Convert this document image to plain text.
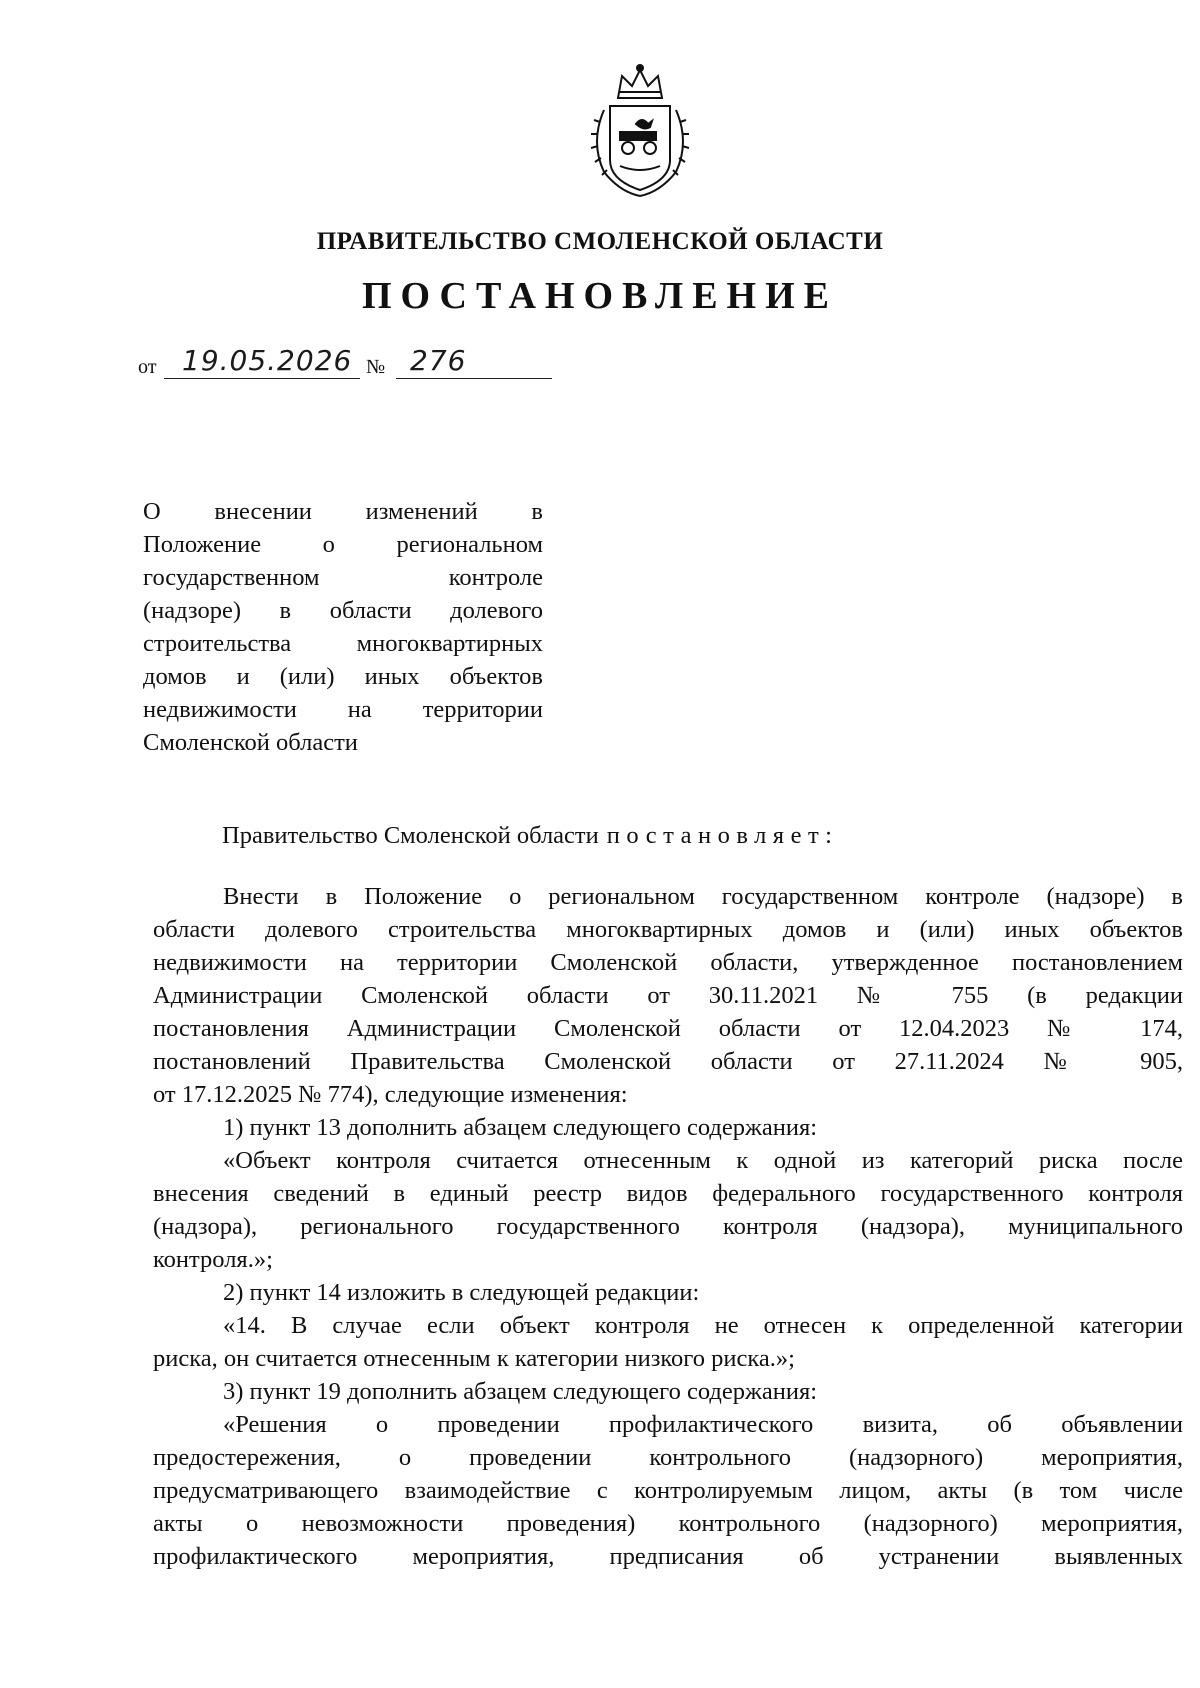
ПРАВИТЕЛЬСТВО СМОЛЕНСКОЙ ОБЛАСТИ
ПОСТАНОВЛЕНИЕ
от 19.05.2026 № 276
О внесении изменений в
Положение о региональном
государственном контроле
(надзоре) в области долевого
строительства многоквартирных
домов и (или) иных объектов
недвижимости на территории
Смоленской области
Правительство Смоленской области постановляет:
Внести в Положение о региональном государственном контроле (надзоре) в
области долевого строительства многоквартирных домов и (или) иных объектов
недвижимости на территории Смоленской области, утвержденное постановлением
Администрации Смоленской области от 30.11.2021 № 755 (в редакции
постановления Администрации Смоленской области от 12.04.2023 № 174,
постановлений Правительства Смоленской области от 27.11.2024 № 905,
от 17.12.2025 № 774), следующие изменения:
1) пункт 13 дополнить абзацем следующего содержания:
«Объект контроля считается отнесенным к одной из категорий риска после
внесения сведений в единый реестр видов федерального государственного контроля
(надзора), регионального государственного контроля (надзора), муниципального
контроля.»;
2) пункт 14 изложить в следующей редакции:
«14. В случае если объект контроля не отнесен к определенной категории
риска, он считается отнесенным к категории низкого риска.»;
3) пункт 19 дополнить абзацем следующего содержания:
«Решения о проведении профилактического визита, об объявлении
предостережения, о проведении контрольного (надзорного) мероприятия,
предусматривающего взаимодействие с контролируемым лицом, акты (в том числе
акты о невозможности проведения) контрольного (надзорного) мероприятия,
профилактического мероприятия, предписания об устранении выявленных
